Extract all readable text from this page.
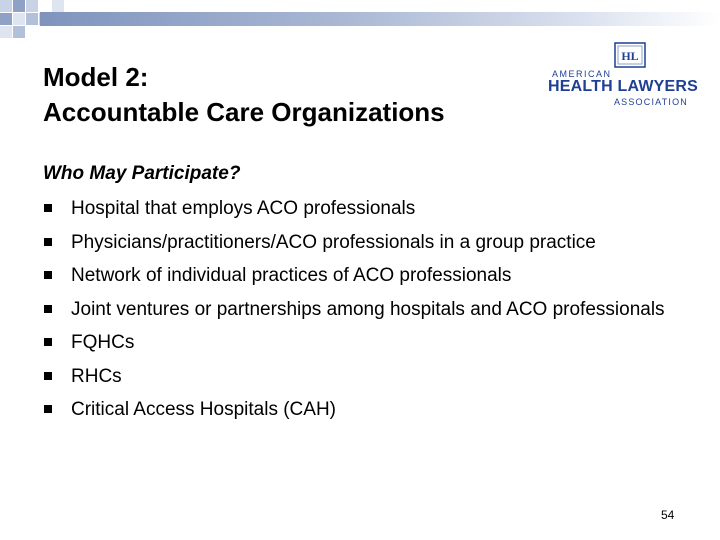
Model 2:
Accountable Care Organizations
HL
AMERICAN
HEALTH LAWYERS
ASSOCIATION
Who May Participate?
Hospital that employs ACO professionals
Physicians/practitioners/ACO professionals in a group practice
Network of individual practices of ACO professionals
Joint ventures or partnerships among hospitals and ACO professionals
FQHCs
RHCs
Critical Access Hospitals (CAH)
54
